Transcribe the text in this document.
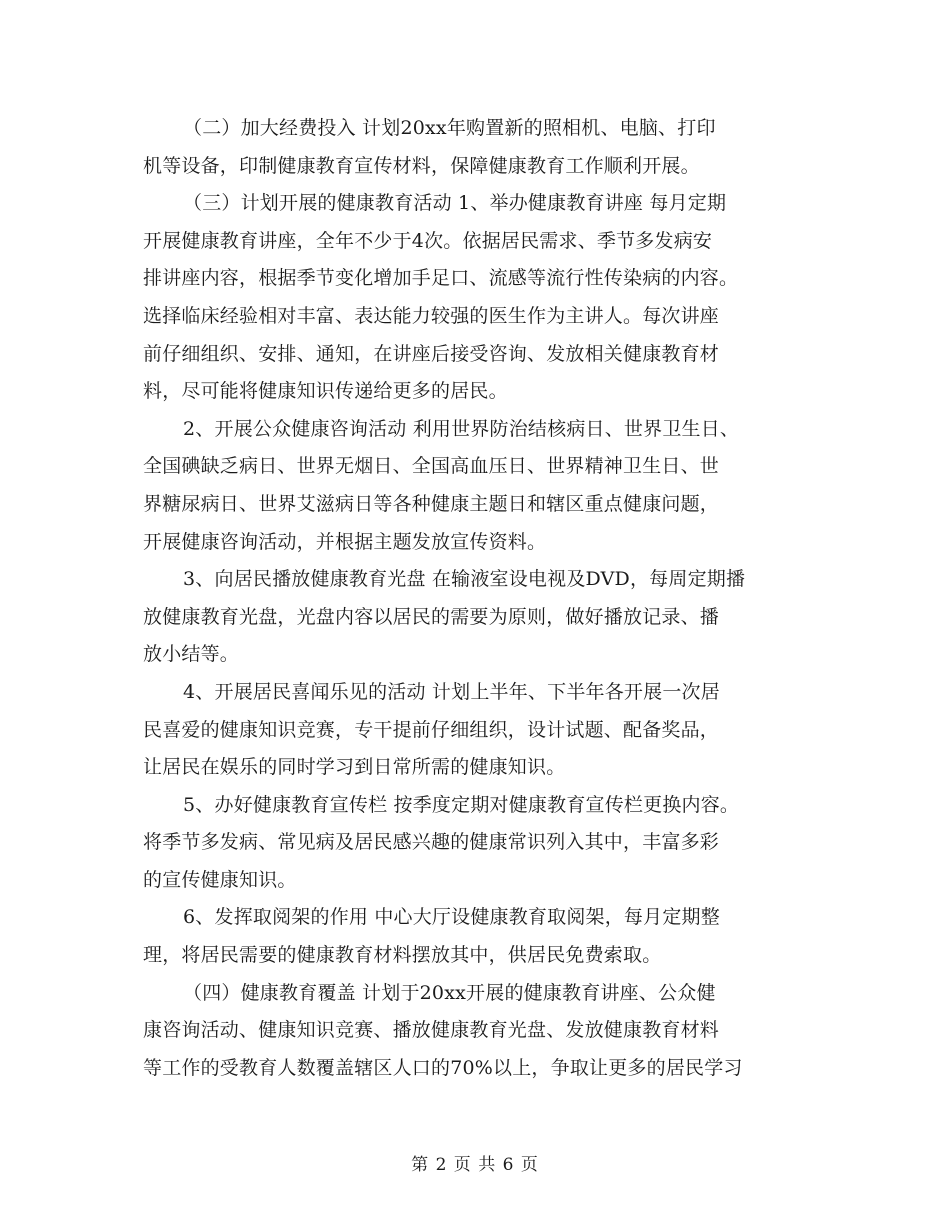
（二）加大经费投入 计划20xx年购置新的照相机、电脑、打印
机等设备，印制健康教育宣传材料，保障健康教育工作顺利开展。
（三）计划开展的健康教育活动 1、举办健康教育讲座 每月定期
开展健康教育讲座，全年不少于4次。依据居民需求、季节多发病安
排讲座内容，根据季节变化增加手足口、流感等流行性传染病的内容。
选择临床经验相对丰富、表达能力较强的医生作为主讲人。每次讲座
前仔细组织、安排、通知，在讲座后接受咨询、发放相关健康教育材
料，尽可能将健康知识传递给更多的居民。
2、开展公众健康咨询活动 利用世界防治结核病日、世界卫生日、
全国碘缺乏病日、世界无烟日、全国高血压日、世界精神卫生日、世
界糖尿病日、世界艾滋病日等各种健康主题日和辖区重点健康问题，
开展健康咨询活动，并根据主题发放宣传资料。
3、向居民播放健康教育光盘 在输液室设电视及DVD，每周定期播
放健康教育光盘，光盘内容以居民的需要为原则，做好播放记录、播
放小结等。
4、开展居民喜闻乐见的活动 计划上半年、下半年各开展一次居
民喜爱的健康知识竞赛，专干提前仔细组织，设计试题、配备奖品，
让居民在娱乐的同时学习到日常所需的健康知识。
5、办好健康教育宣传栏 按季度定期对健康教育宣传栏更换内容。
将季节多发病、常见病及居民感兴趣的健康常识列入其中，丰富多彩
的宣传健康知识。
6、发挥取阅架的作用 中心大厅设健康教育取阅架，每月定期整
理，将居民需要的健康教育材料摆放其中，供居民免费索取。
（四）健康教育覆盖 计划于20xx开展的健康教育讲座、公众健
康咨询活动、健康知识竞赛、播放健康教育光盘、发放健康教育材料
等工作的受教育人数覆盖辖区人口的70%以上，争取让更多的居民学习
第 2 页 共 6 页
